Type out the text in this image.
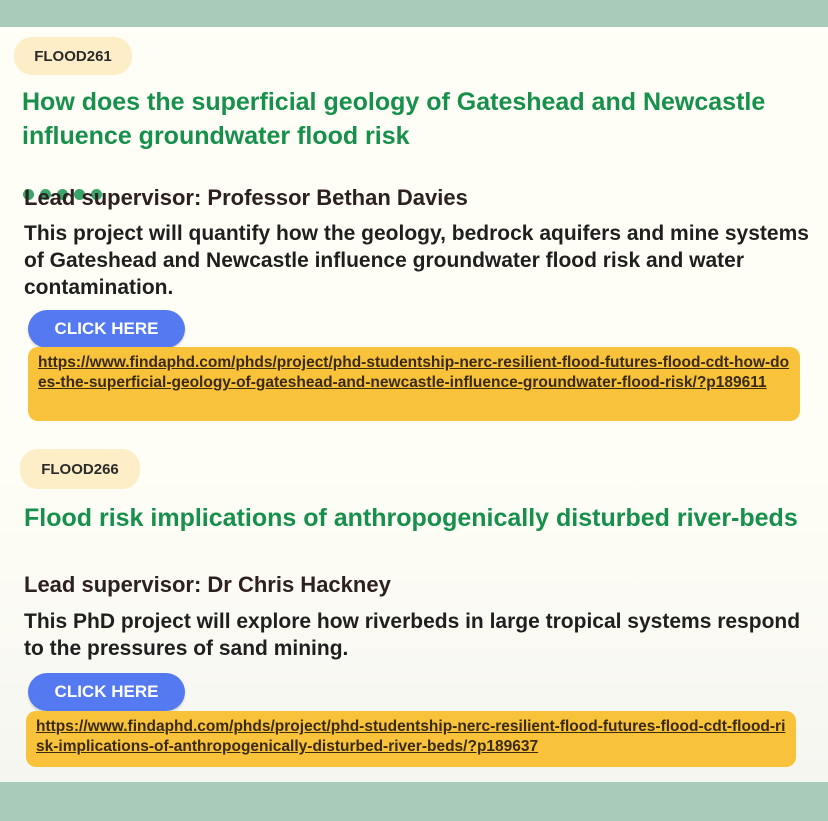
FLOOD261
How does the superficial geology of Gateshead and Newcastle influence groundwater flood risk

Lead supervisor: Professor Bethan Davies

This project will quantify how the geology, bedrock aquifers and mine systems of Gateshead and Newcastle influence groundwater flood risk and water contamination.

CLICK HERE
https://www.findaphd.com/phds/project/phd-studentship-nerc-resilient-flood-futures-flood-cdt-how-does-the-superficial-geology-of-gateshead-and-newcastle-influence-groundwater-flood-risk/?p189611
FLOOD266
Flood risk implications of anthropogenically disturbed river-beds

Lead supervisor: Dr Chris Hackney

This PhD project will explore how riverbeds in large tropical systems respond to the pressures of sand mining.

CLICK HERE
https://www.findaphd.com/phds/project/phd-studentship-nerc-resilient-flood-futures-flood-cdt-flood-risk-implications-of-anthropogenically-disturbed-river-beds/?p189637
